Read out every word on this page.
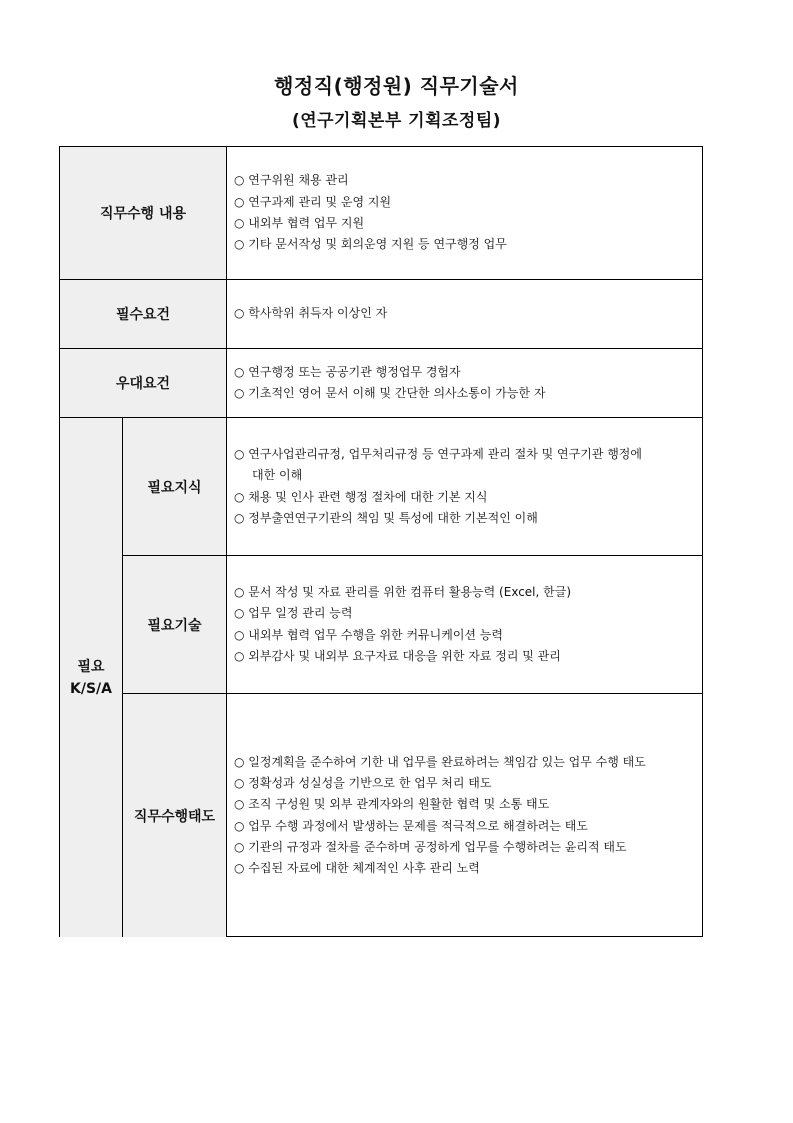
행정직(행정원) 직무기술서
(연구기획본부 기획조정팀)
직무수행 내용
○ 연구위원 채용 관리
○ 연구과제 관리 및 운영 지원
○ 내외부 협력 업무 지원
○ 기타 문서작성 및 회의운영 지원 등 연구행정 업무
필수요건	○ 학사학위 취득자 이상인 자
우대요건
○ 연구행정 또는 공공기관 행정업무 경험자
○ 기초적인 영어 문서 이해 및 간단한 의사소통이 가능한 자
필요
K/S/A
필요지식
○ 연구사업관리규정, 업무처리규정 등 연구과제 관리 절차 및 연구기관 행정에
대한 이해
○ 채용 및 인사 관련 행정 절차에 대한 기본 지식
○ 정부출연연구기관의 책임 및 특성에 대한 기본적인 이해
필요기술
○ 문서 작성 및 자료 관리를 위한 컴퓨터 활용능력 (Excel, 한글)
○ 업무 일정 관리 능력
○ 내외부 협력 업무 수행을 위한 커뮤니케이션 능력
○ 외부감사 및 내외부 요구자료 대응을 위한 자료 정리 및 관리
직무수행태도
○ 일정계획을 준수하여 기한 내 업무를 완료하려는 책임감 있는 업무 수행 태도
○ 정확성과 성실성을 기반으로 한 업무 처리 태도
○ 조직 구성원 및 외부 관계자와의 원활한 협력 및 소통 태도
○ 업무 수행 과정에서 발생하는 문제를 적극적으로 해결하려는 태도
○ 기관의 규정과 절차를 준수하며 공정하게 업무를 수행하려는 윤리적 태도
○ 수집된 자료에 대한 체계적인 사후 관리 노력
